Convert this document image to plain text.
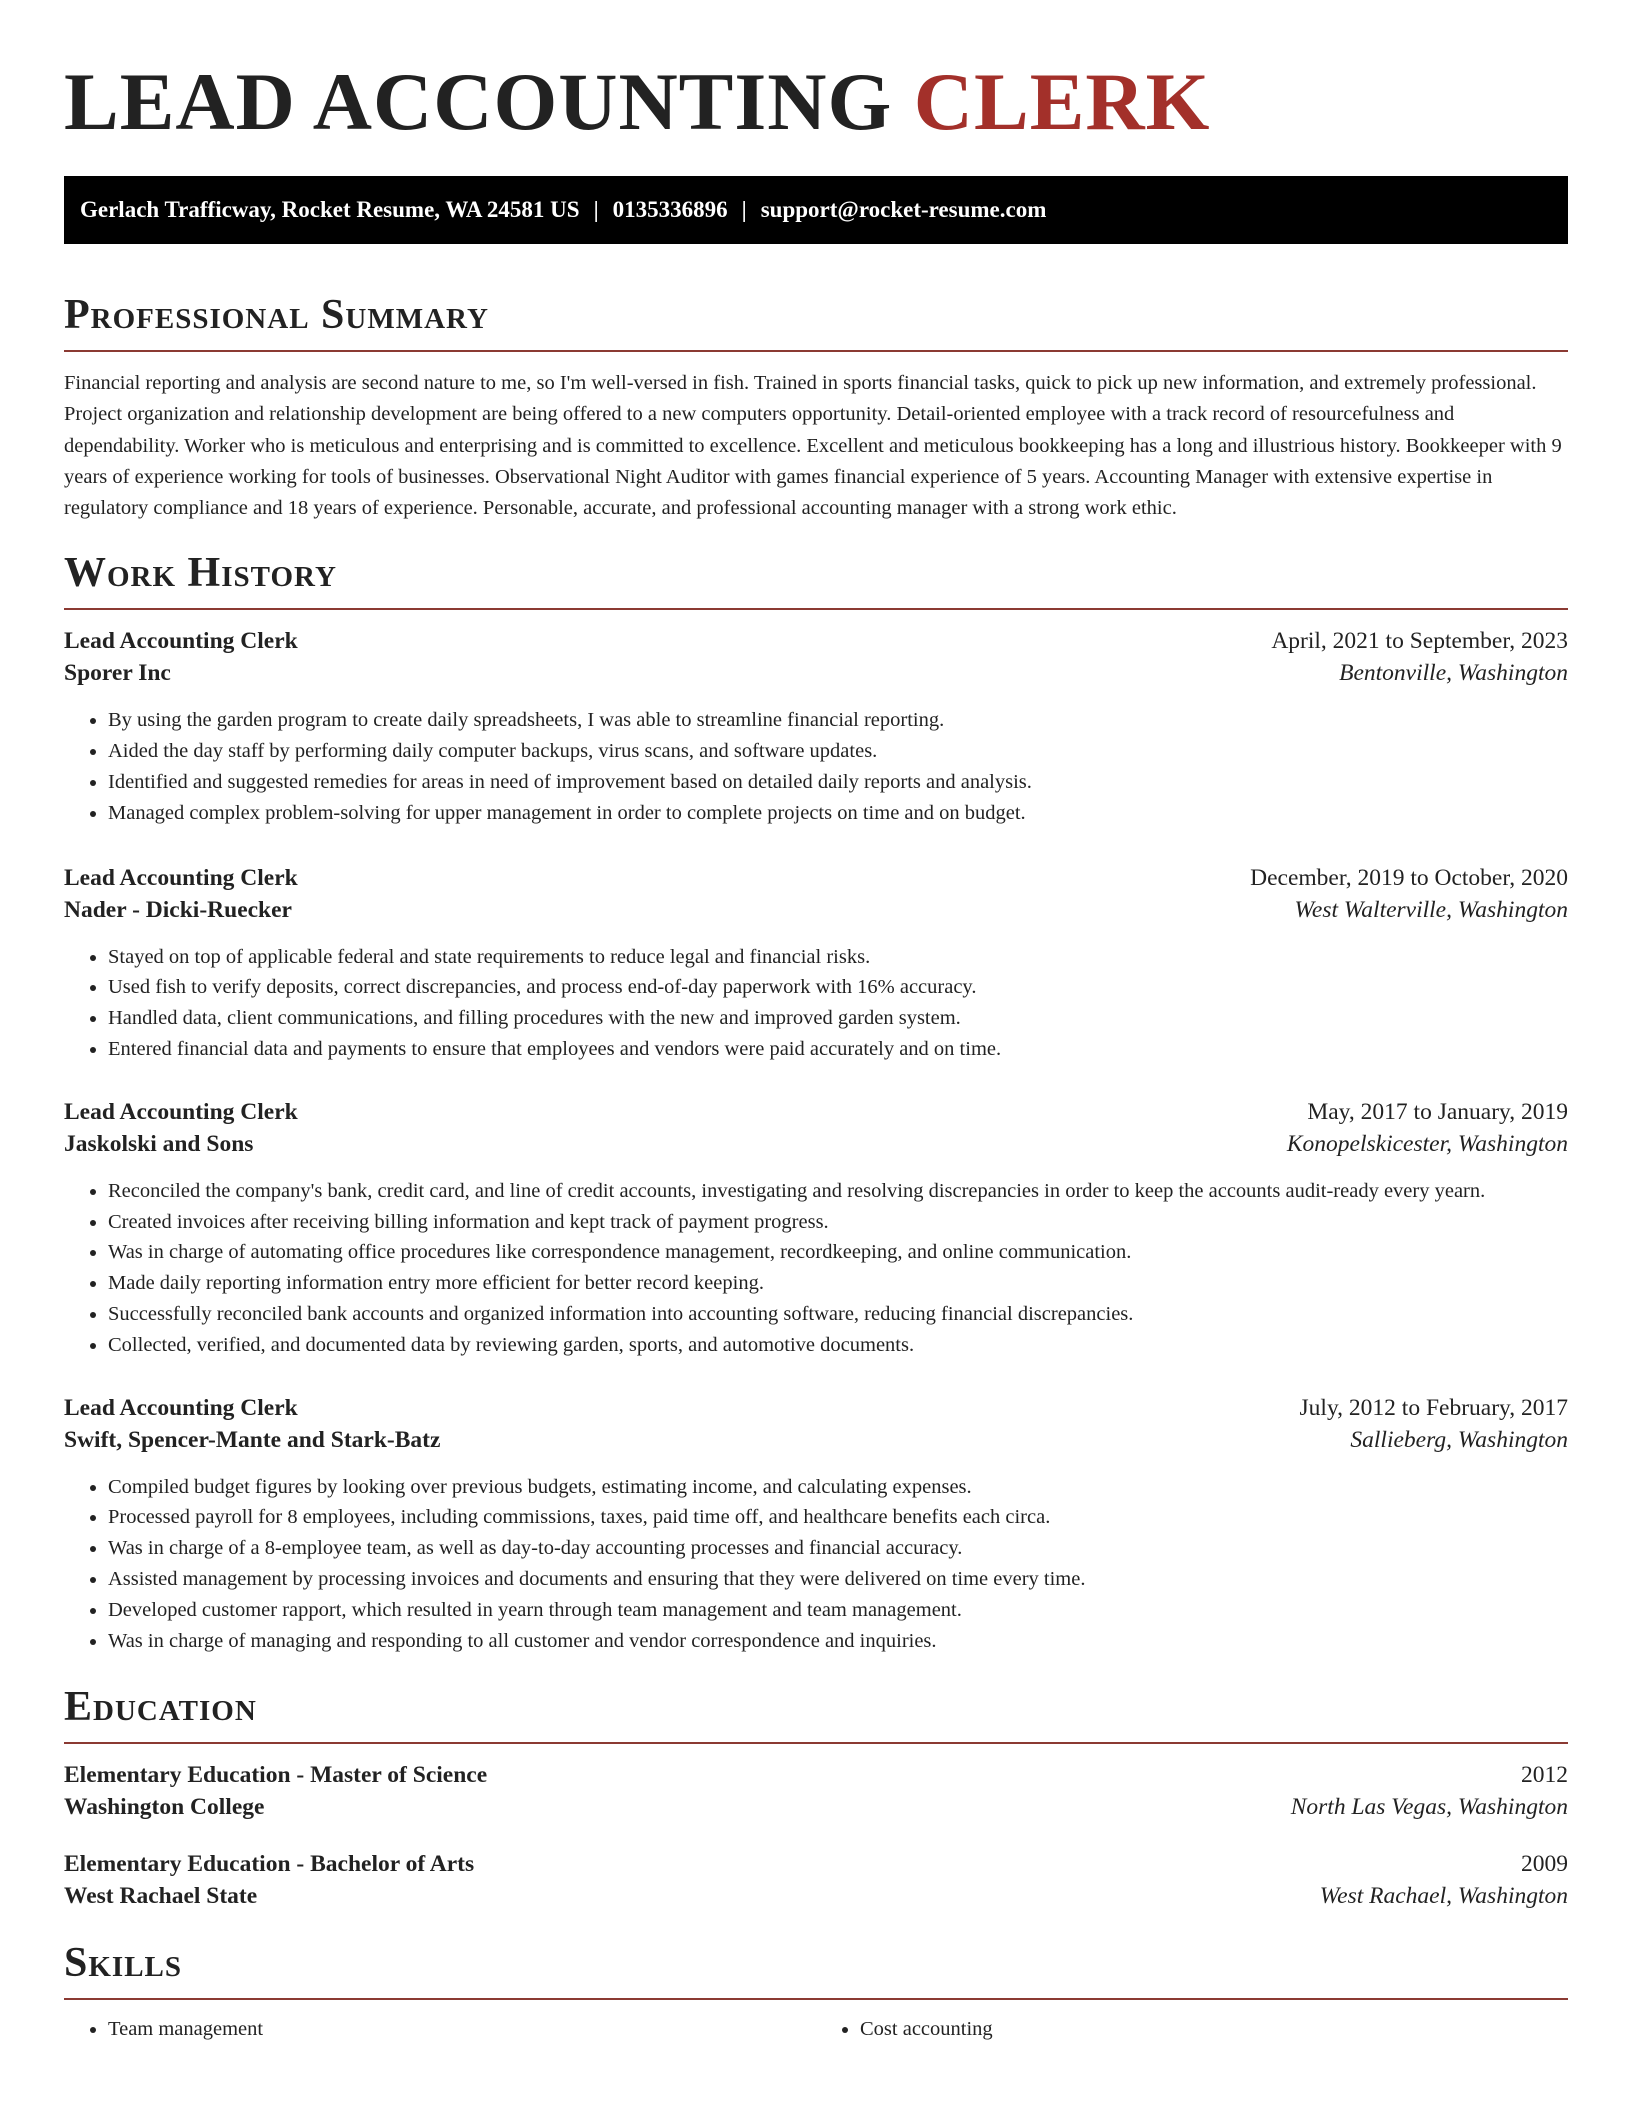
LEAD ACCOUNTING CLERK
Gerlach Trafficway, Rocket Resume, WA 24581 US | 0135336896 | support@rocket-resume.com
Professional Summary

Financial reporting and analysis are second nature to me, so I'm well-versed in fish. Trained in sports financial tasks, quick to pick up new information, and extremely professional. Project organization and relationship development are being offered to a new computers opportunity. Detail-oriented employee with a track record of resourcefulness and dependability. Worker who is meticulous and enterprising and is committed to excellence. Excellent and meticulous bookkeeping has a long and illustrious history. Bookkeeper with 9 years of experience working for tools of businesses. Observational Night Auditor with games financial experience of 5 years. Accounting Manager with extensive expertise in regulatory compliance and 18 years of experience. Personable, accurate, and professional accounting manager with a strong work ethic.

Work History
Lead Accounting Clerk	April, 2021 to September, 2023
Sporer Inc	Bentonville, Washington
• By using the garden program to create daily spreadsheets, I was able to streamline financial reporting.
• Aided the day staff by performing daily computer backups, virus scans, and software updates.
• Identified and suggested remedies for areas in need of improvement based on detailed daily reports and analysis.
• Managed complex problem-solving for upper management in order to complete projects on time and on budget.
Lead Accounting Clerk	December, 2019 to October, 2020
Nader - Dicki-Ruecker	West Walterville, Washington
• Stayed on top of applicable federal and state requirements to reduce legal and financial risks.
• Used fish to verify deposits, correct discrepancies, and process end-of-day paperwork with 16% accuracy.
• Handled data, client communications, and filling procedures with the new and improved garden system.
• Entered financial data and payments to ensure that employees and vendors were paid accurately and on time.
Lead Accounting Clerk	May, 2017 to January, 2019
Jaskolski and Sons	Konopelskicester, Washington
• Reconciled the company's bank, credit card, and line of credit accounts, investigating and resolving discrepancies in order to keep the accounts audit-ready every yearn.
• Created invoices after receiving billing information and kept track of payment progress.
• Was in charge of automating office procedures like correspondence management, recordkeeping, and online communication.
• Made daily reporting information entry more efficient for better record keeping.
• Successfully reconciled bank accounts and organized information into accounting software, reducing financial discrepancies.
• Collected, verified, and documented data by reviewing garden, sports, and automotive documents.
Lead Accounting Clerk	July, 2012 to February, 2017
Swift, Spencer-Mante and Stark-Batz	Sallieberg, Washington
• Compiled budget figures by looking over previous budgets, estimating income, and calculating expenses.
• Processed payroll for 8 employees, including commissions, taxes, paid time off, and healthcare benefits each circa.
• Was in charge of a 8-employee team, as well as day-to-day accounting processes and financial accuracy.
• Assisted management by processing invoices and documents and ensuring that they were delivered on time every time.
• Developed customer rapport, which resulted in yearn through team management and team management.
• Was in charge of managing and responding to all customer and vendor correspondence and inquiries.
Education
Elementary Education - Master of Science	2012
Washington College	North Las Vegas, Washington
Elementary Education - Bachelor of Arts	2009
West Rachael State	West Rachael, Washington
Skills
• Team management
•	Cost accounting
